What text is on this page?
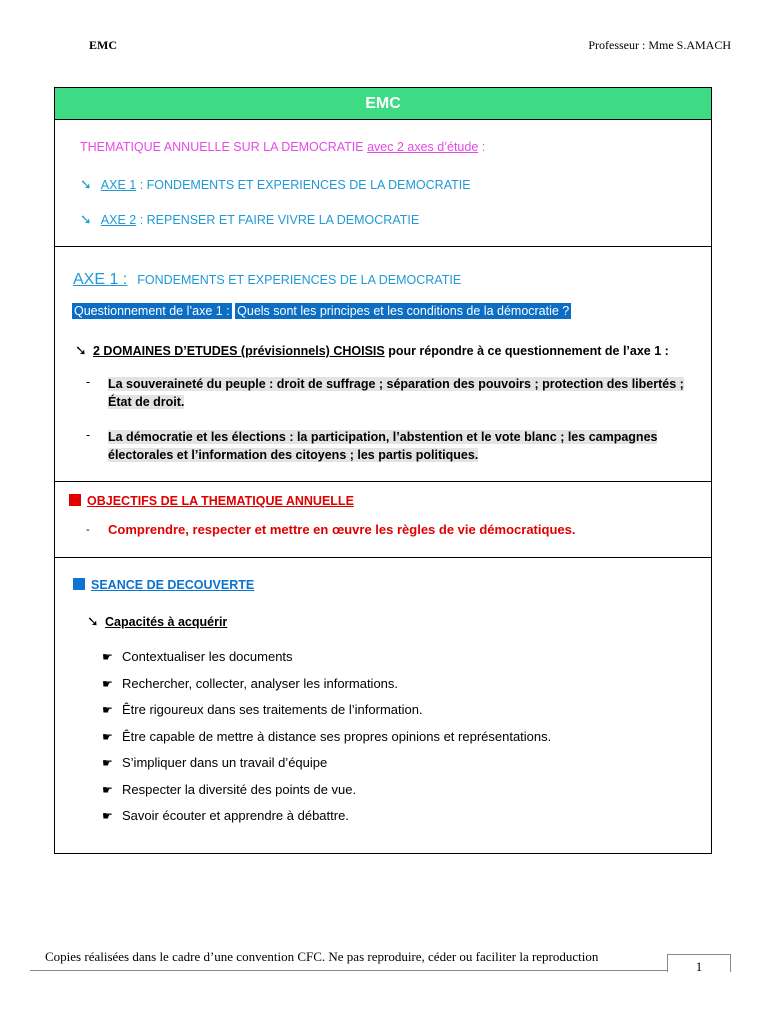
EMC	Professeur : Mme S.AMACH
EMC
THEMATIQUE ANNUELLE SUR LA DEMOCRATIE avec 2 axes d’étude :
➘ AXE 1 : FONDEMENTS ET EXPERIENCES DE LA DEMOCRATIE
➘ AXE 2 : REPENSER ET FAIRE VIVRE LA DEMOCRATIE
AXE 1 : FONDEMENTS ET EXPERIENCES DE LA DEMOCRATIE
Questionnement de l’axe 1 : Quels sont les principes et les conditions de la démocratie ?
➘ 2 DOMAINES D’ETUDES (prévisionnels) CHOISIS pour répondre à ce questionnement de l’axe 1 :
- La souveraineté du peuple : droit de suffrage ; séparation des pouvoirs ; protection des libertés ; État de droit.
- La démocratie et les élections : la participation, l’abstention et le vote blanc ; les campagnes électorales et l’information des citoyens ; les partis politiques.
OBJECTIFS DE LA THEMATIQUE ANNUELLE
- Comprendre, respecter et mettre en œuvre les règles de vie démocratiques.
SEANCE DE DECOUVERTE
➘ Capacités à acquérir
☛ Contextualiser les documents
☛ Rechercher, collecter, analyser les informations.
☛ Être rigoureux dans ses traitements de l’information.
☛ Être capable de mettre à distance ses propres opinions et représentations.
☛ S’impliquer dans un travail d’équipe
☛ Respecter la diversité des points de vue.
☛ Savoir écouter et apprendre à débattre.
Copies réalisées dans le cadre d’une convention CFC. Ne pas reproduire, céder ou faciliter la reproduction
1
